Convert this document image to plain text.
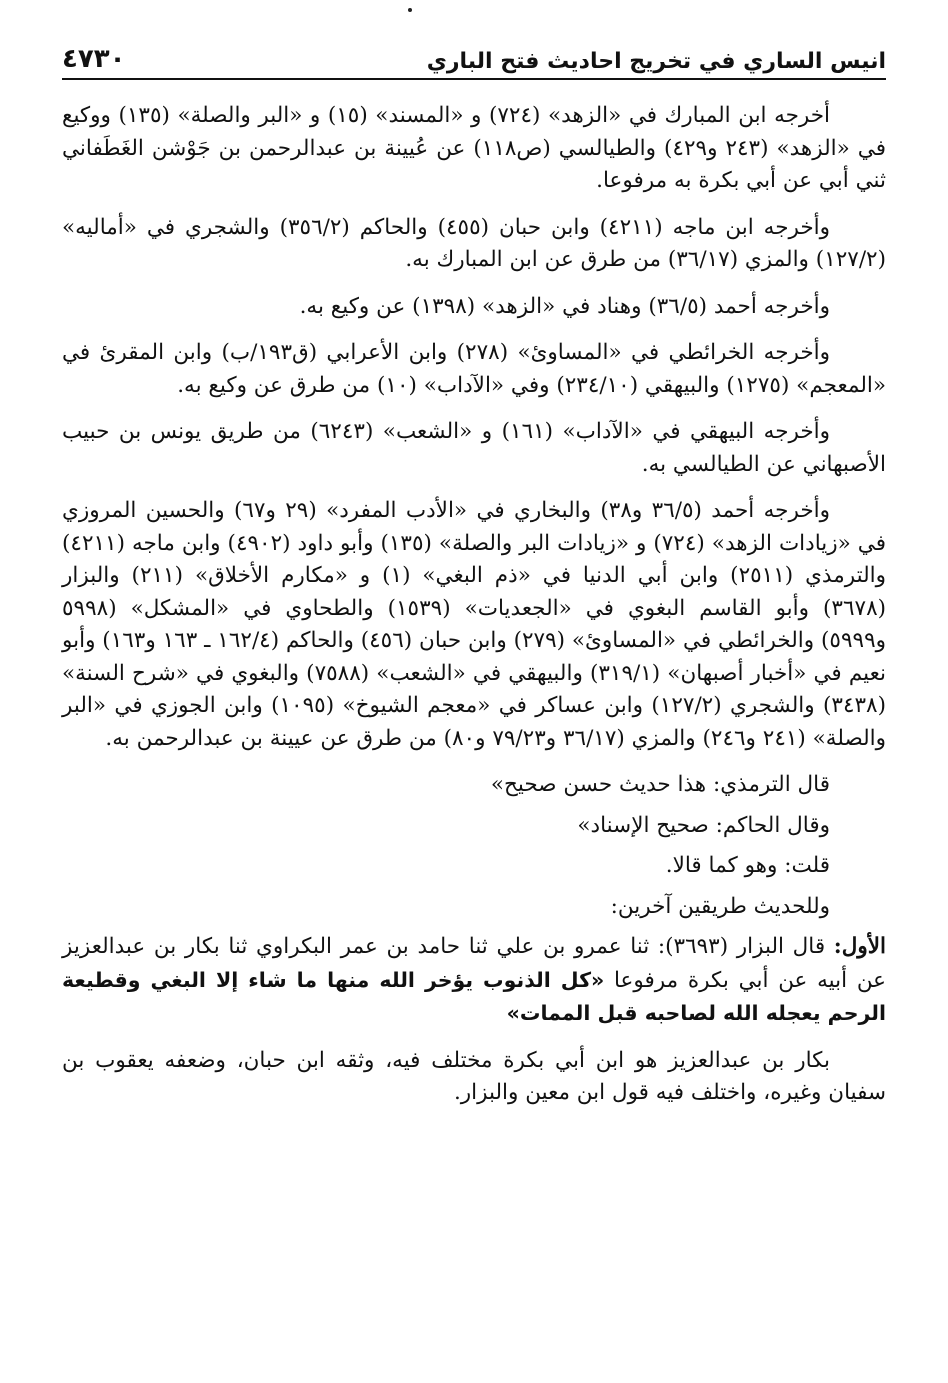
انيس الساري في تخريج احاديث فتح الباري
٤٧٣٠

أخرجه ابن المبارك في «الزهد» (٧٢٤) و «المسند» (١٥) و «البر والصلة» (١٣٥) ووكيع في «الزهد» (٢٤٣ و٤٢٩) والطيالسي (ص١١٨) عن عُيينة بن عبدالرحمن بن جَوْشن الغَطَفاني ثني أبي عن أبي بكرة به مرفوعا.

وأخرجه ابن ماجه (٤٢١١) وابن حبان (٤٥٥) والحاكم (٣٥٦/٢) والشجري في «أماليه» (١٢٧/٢) والمزي (٣٦/١٧) من طرق عن ابن المبارك به.

وأخرجه أحمد (٣٦/٥) وهناد في «الزهد» (١٣٩٨) عن وكيع به.

وأخرجه الخرائطي في «المساوئ» (٢٧٨) وابن الأعرابي (ق١٩٣/ب) وابن المقرئ في «المعجم» (١٢٧٥) والبيهقي (٢٣٤/١٠) وفي «الآداب» (١٠) من طرق عن وكيع به.

وأخرجه البيهقي في «الآداب» (١٦١) و «الشعب» (٦٢٤٣) من طريق يونس بن حبيب الأصبهاني عن الطيالسي به.

وأخرجه أحمد (٣٦/٥ و٣٨) والبخاري في «الأدب المفرد» (٢٩ و٦٧) والحسين المروزي في «زيادات الزهد» (٧٢٤) و «زيادات البر والصلة» (١٣٥) وأبو داود (٤٩٠٢) وابن ماجه (٤٢١١) والترمذي (٢٥١١) وابن أبي الدنيا في «ذم البغي» (١) و «مكارم الأخلاق» (٢١١) والبزار (٣٦٧٨) وأبو القاسم البغوي في «الجعديات» (١٥٣٩) والطحاوي في «المشكل» (٥٩٩٨ و٥٩٩٩) والخرائطي في «المساوئ» (٢٧٩) وابن حبان (٤٥٦) والحاكم (١٦٢/٤ ـ ١٦٣ و١٦٣) وأبو نعيم في «أخبار أصبهان» (٣١٩/١) والبيهقي في «الشعب» (٧٥٨٨) والبغوي في «شرح السنة» (٣٤٣٨) والشجري (١٢٧/٢) وابن عساكر في «معجم الشيوخ» (١٠٩٥) وابن الجوزي في «البر والصلة» (٢٤١ و٢٤٦) والمزي (٣٦/١٧ و٧٩/٢٣ و٨٠) من طرق عن عيينة بن عبدالرحمن به.

قال الترمذي: هذا حديث حسن صحيح»

وقال الحاكم: صحيح الإسناد»

قلت: وهو كما قالا.

وللحديث طريقين آخرين:

الأول: قال البزار (٣٦٩٣): ثنا عمرو بن علي ثنا حامد بن عمر البكراوي ثنا بكار بن عبدالعزيز عن أبيه عن أبي بكرة مرفوعا «كل الذنوب يؤخر الله منها ما شاء إلا البغي وقطيعة الرحم يعجله الله لصاحبه قبل الممات»

بكار بن عبدالعزيز هو ابن أبي بكرة مختلف فيه، وثقه ابن حبان، وضعفه يعقوب بن سفيان وغيره، واختلف فيه قول ابن معين والبزار.
